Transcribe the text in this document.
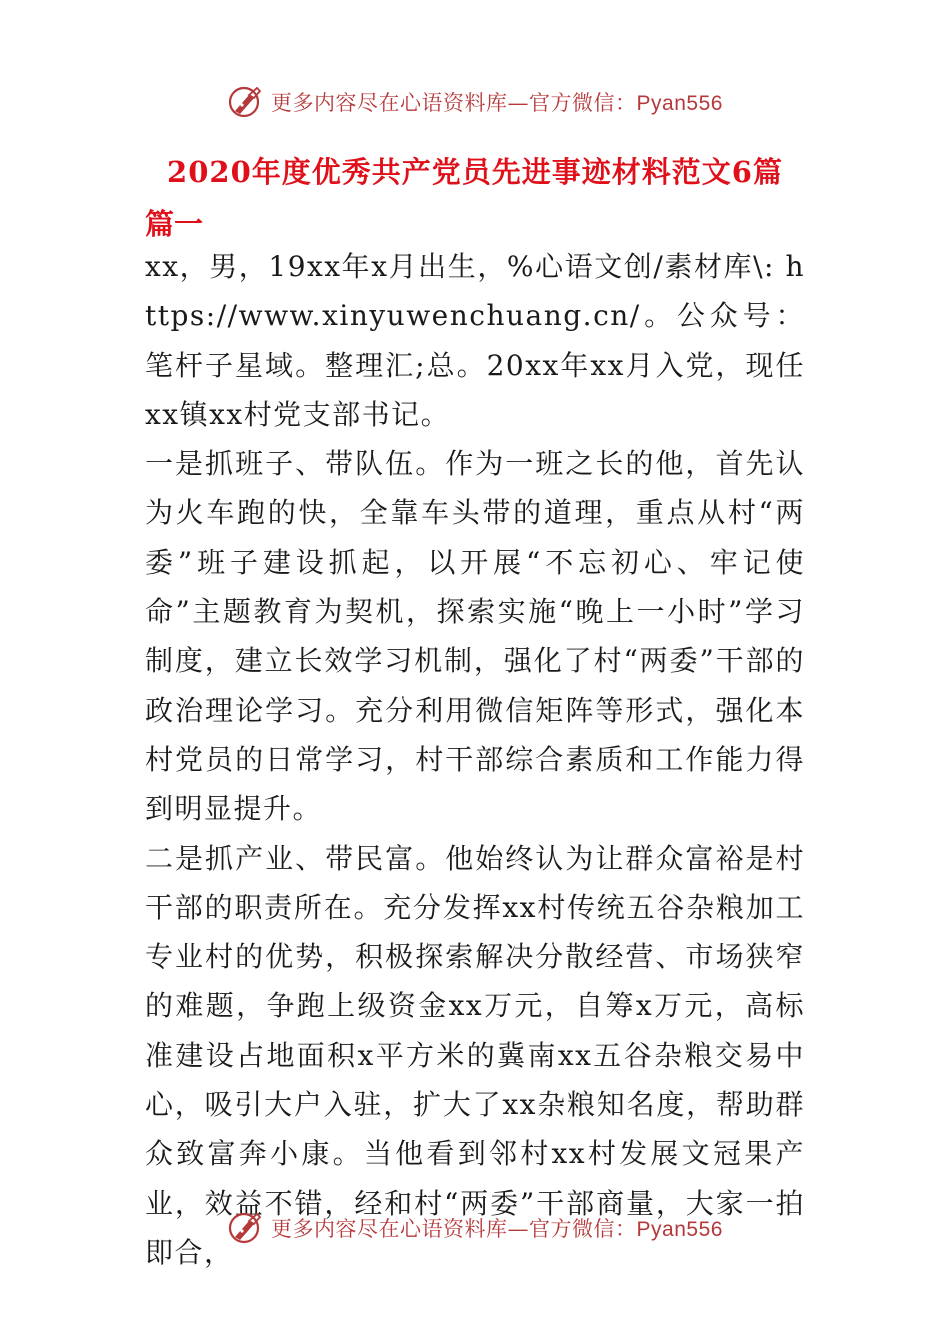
更多内容尽在心语资料库—官方微信：Pyan556
2020年度优秀共产党员先进事迹材料范文6篇
篇一

xx，男，19xx年x月出生，%心语文创/素材库\: https://www.xinyuwenchuang.cn/。公众号：笔杆子星域。整理汇;总。20xx年xx月入党，现任xx镇xx村党支部书记。

一是抓班子、带队伍。作为一班之长的他，首先认为火车跑的快，全靠车头带的道理，重点从村“两委”班子建设抓起，以开展“不忘初心、牢记使命”主题教育为契机，探索实施“晚上一小时”学习制度，建立长效学习机制，强化了村“两委”干部的政治理论学习。充分利用微信矩阵等形式，强化本村党员的日常学习，村干部综合素质和工作能力得到明显提升。

二是抓产业、带民富。他始终认为让群众富裕是村干部的职责所在。充分发挥xx村传统五谷杂粮加工专业村的优势，积极探索解决分散经营、市场狭窄的难题，争跑上级资金xx万元，自筹x万元，高标准建设占地面积x平方米的冀南xx五谷杂粮交易中心，吸引大户入驻，扩大了xx杂粮知名度，帮助群众致富奔小康。当他看到邻村xx村发展文冠果产业，效益不错，经和村“两委”干部商量，大家一拍即合，

更多内容尽在心语资料库—官方微信：Pyan556
